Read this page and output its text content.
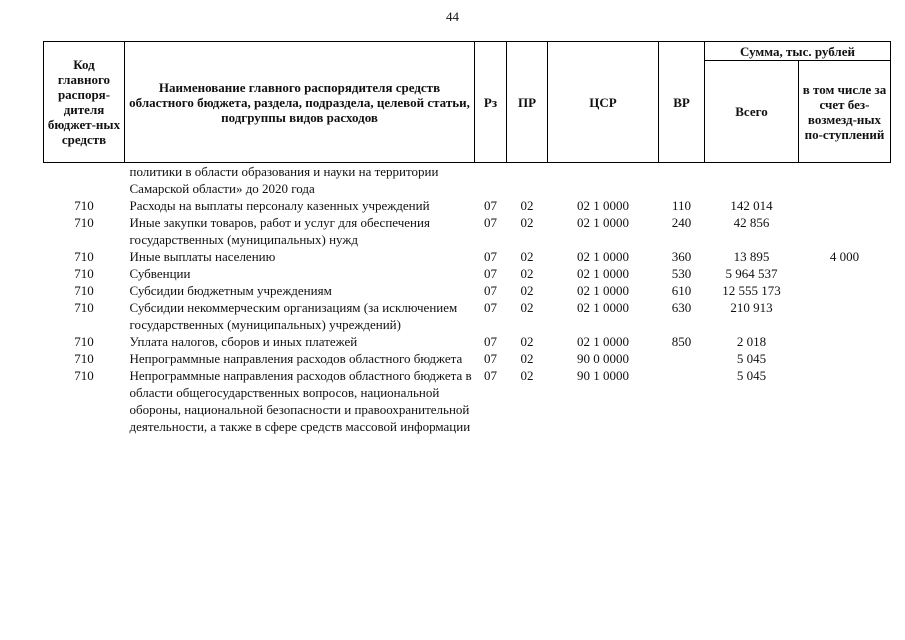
44
Код главного распоря-дителя бюджет-ных средств	Наименование главного распорядителя средств областного бюджета, раздела, подраздела, целевой статьи, подгруппы видов расходов	Рз	ПР	ЦСР	ВР	Сумма, тыс. рублей	
						Всего	в том числе за счет без-возмезд-ных по-ступлений
	политики в области образования и науки на территории Самарской области» до 2020 года						
710	Расходы на выплаты персоналу казенных учреждений	07	02	02 1 0000	110	142 014	
710	Иные закупки товаров, работ и услуг для обеспечения государственных (муниципальных) нужд	07	02	02 1 0000	240	42 856	
710	Иные выплаты населению	07	02	02 1 0000	360	13 895	4 000
710	Субвенции	07	02	02 1 0000	530	5 964 537	
710	Субсидии бюджетным учреждениям	07	02	02 1 0000	610	12 555 173	
710	Субсидии некоммерческим организациям (за исключением государственных (муниципальных) учреждений)	07	02	02 1 0000	630	210 913	
710	Уплата налогов, сборов и иных платежей	07	02	02 1 0000	850	2 018	
710	Непрограммные направления расходов областного бюджета	07	02	90 0 0000		5 045	
710	Непрограммные направления расходов областного бюджета в области общегосударственных вопросов, национальной обороны, национальной безопасности и правоохранительной деятельности, а также в сфере средств массовой информации	07	02	90 1 0000		5 045	
